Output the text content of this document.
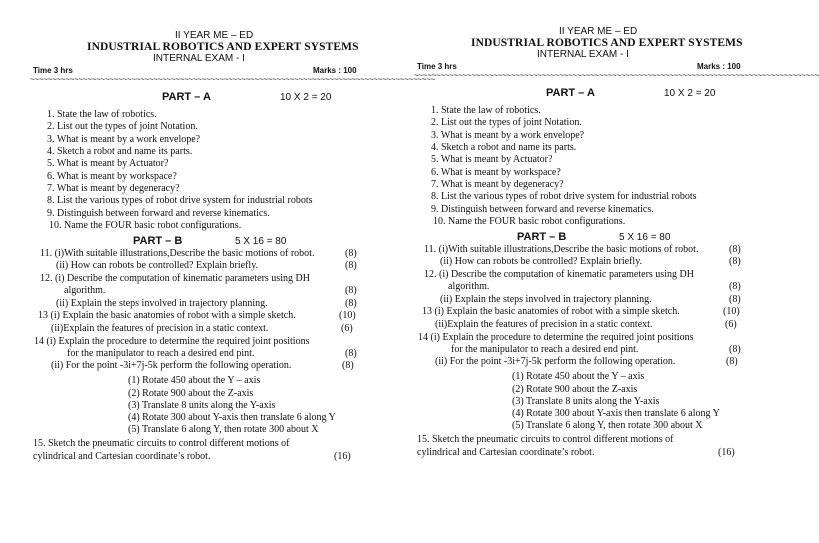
II YEAR ME – ED
INDUSTRIAL ROBOTICS AND EXPERT SYSTEMS
INTERNAL EXAM - I
Time 3 hrs	Marks : 100
~~~~~~~~~~~~~~~~~~~~~~~~~~~~~~~~~~~~~~~~~~~~~~~~~~~~~~~~~~~~~~~~~~~~~~~~~~~~~~~~~~~~~~~~~~~~
PART – A	10 X 2 = 20
1. State the law of robotics.
2. List out the types of joint Notation.
3. What is meant by a work envelope?
4. Sketch a robot and name its parts.
5. What is meant by Actuator?
6. What is meant by workspace?
7. What is meant by degeneracy?
8. List the various types of robot drive system for industrial robots
9. Distinguish between forward and reverse kinematics.
10. Name the FOUR basic robot configurations.
PART – B	5 X 16 = 80
11. (i)With suitable illustrations,Describe the basic motions of robot.	(8)
(ii) How can robots be controlled? Explain briefly.	(8)
12. (i) Describe the computation of kinematic parameters using DH
algorithm.	(8)
(ii) Explain the steps involved in trajectory planning.	(8)
13 (i) Explain the basic anatomies of robot with a simple sketch.	(10)
(ii)Explain the features of precision in a static context.	(6)
14 (i) Explain the procedure to determine the required joint positions
for the manipulator to reach a desired end pint.	(8)
(ii) For the point -3i+7j-5k perform the following operation.	(8)
(1) Rotate 450 about the Y – axis
(2) Rotate 900 about the Z-axis
(3) Translate 8 units along the Y-axis
(4) Rotate 300 about Y-axis then translate 6 along Y
(5) Translate 6 along Y, then rotate 300 about X
15. Sketch the pneumatic circuits to control different motions of
cylindrical and Cartesian coordinate’s robot.	(16)
II YEAR ME – ED
INDUSTRIAL ROBOTICS AND EXPERT SYSTEMS
INTERNAL EXAM - I
Time 3 hrs	Marks : 100
~~~~~~~~~~~~~~~~~~~~~~~~~~~~~~~~~~~~~~~~~~~~~~~~~~~~~~~~~~~~~~~~~~~~~~~~~~~~~~~~~~~~~~~~~~~~
PART – A	10 X 2 = 20
1. State the law of robotics.
2. List out the types of joint Notation.
3. What is meant by a work envelope?
4. Sketch a robot and name its parts.
5. What is meant by Actuator?
6. What is meant by workspace?
7. What is meant by degeneracy?
8. List the various types of robot drive system for industrial robots
9. Distinguish between forward and reverse kinematics.
10. Name the FOUR basic robot configurations.
PART – B	5 X 16 = 80
11. (i)With suitable illustrations,Describe the basic motions of robot.	(8)
(ii) How can robots be controlled? Explain briefly.	(8)
12. (i) Describe the computation of kinematic parameters using DH
algorithm.	(8)
(ii) Explain the steps involved in trajectory planning.	(8)
13 (i) Explain the basic anatomies of robot with a simple sketch.	(10)
(ii)Explain the features of precision in a static context.	(6)
14 (i) Explain the procedure to determine the required joint positions
for the manipulator to reach a desired end pint.	(8)
(ii) For the point -3i+7j-5k perform the following operation.	(8)
(1) Rotate 450 about the Y – axis
(2) Rotate 900 about the Z-axis
(3) Translate 8 units along the Y-axis
(4) Rotate 300 about Y-axis then translate 6 along Y
(5) Translate 6 along Y, then rotate 300 about X
15. Sketch the pneumatic circuits to control different motions of
cylindrical and Cartesian coordinate’s robot.	(16)
